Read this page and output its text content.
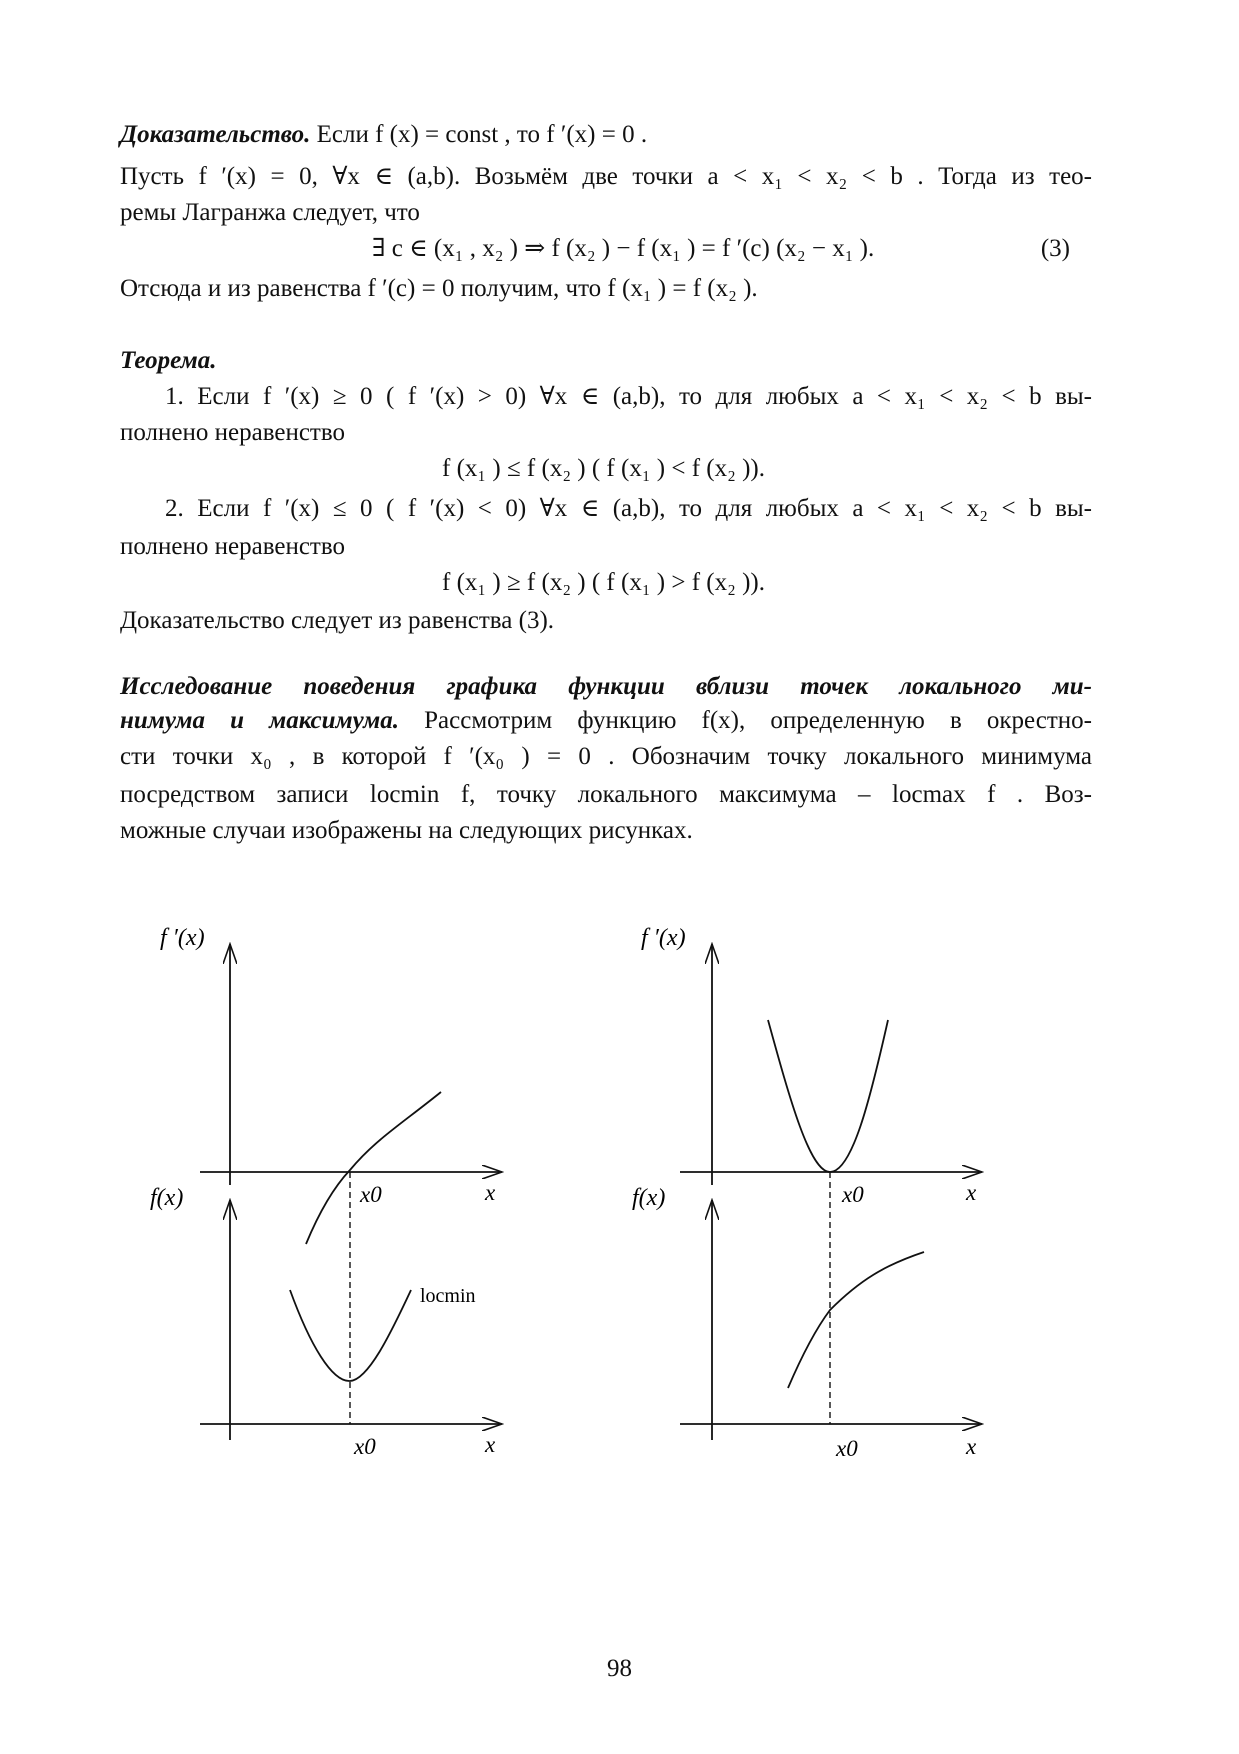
Доказательство. Если f (x) = const , то f ′(x) = 0 .
Пусть f ′(x) = 0, ∀x ∈ (a,b). Возьмём две точки a < x₁ < x₂ < b . Тогда из тео-
ремы Лагранжа следует, что
∃ c ∈ (x₁ , x₂ ) ⇒ f (x₂ ) − f (x₁ ) = f ′(c) (x₂ − x₁ ).	(3)
Отсюда и из равенства f ′(c) = 0 получим, что f (x₁ ) = f (x₂ ).
Теорема.
1. Если f ′(x) ≥ 0 ( f ′(x) > 0) ∀x ∈ (a,b), то для любых a < x₁ < x₂ < b вы-
полнено неравенство
f (x₁ ) ≤ f (x₂ ) ( f (x₁ ) < f (x₂ )).
2. Если f ′(x) ≤ 0 ( f ′(x) < 0) ∀x ∈ (a,b), то для любых a < x₁ < x₂ < b вы-
полнено неравенство
f (x₁ ) ≥ f (x₂ ) ( f (x₁ ) > f (x₂ )).
Доказательство следует из равенства (3).
Исследование поведения графика функции вблизи точек локального ми-
нимума и максимума. Рассмотрим функцию f(x), определенную в окрестно-
сти точки x₀ , в которой f ′(x₀ ) = 0 . Обозначим точку локального минимума
посредством записи locmin f, точку локального максимума – locmax f . Воз-
можные случаи изображены на следующих рисунках.
f ′(x)
f(x)	x0	x
locmin
x0	x
f ′(x)
f(x)	x0	x
x0	x
98
